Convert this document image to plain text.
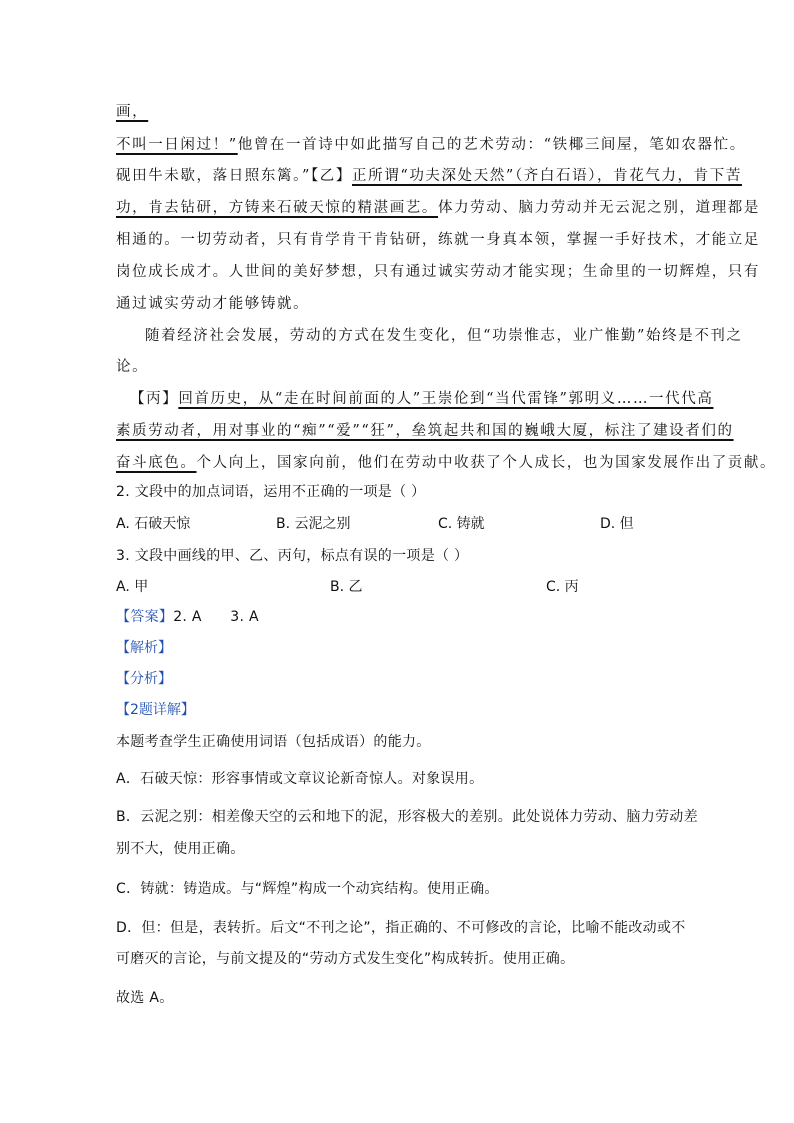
画，
不叫一日闲过！”他曾在一首诗中如此描写自己的艺术劳动：“铁椰三间屋，笔如农器忙。
砚田牛未歇，落日照东篱。”【乙】正所谓“功夫深处天然”（齐白石语），肯花气力，肯下苦
功，肯去钻研，方铸来石破天惊的精湛画艺。体力劳动、脑力劳动并无云泥之别，道理都是
相通的。一切劳动者，只有肯学肯干肯钻研，练就一身真本领，掌握一手好技术，才能立足
岗位成长成才。人世间的美好梦想，只有通过诚实劳动才能实现；生命里的一切辉煌，只有
通过诚实劳动才能够铸就。
随着经济社会发展，劳动的方式在发生变化，但“功崇惟志，业广惟勤”始终是不刊之
论。
【丙】回首历史，从“走在时间前面的人”王崇伦到“当代雷锋”郭明义……一代代高
素质劳动者，用对事业的“痴”“爱”“狂”，垒筑起共和国的巍峨大厦，标注了建设者们的
奋斗底色。个人向上，国家向前，他们在劳动中收获了个人成长，也为国家发展作出了贡献。
2. 文段中的加点词语，运用不正确的一项是（ ）
A. 石破天惊	B. 云泥之别	C. 铸就	D. 但
3. 文段中画线的甲、乙、丙句，标点有误的一项是（ ）
A. 甲	B. 乙	C. 丙
【答案】2. A      3. A
【解析】
【分析】
【2题详解】
本题考查学生正确使用词语（包括成语）的能力。
A．石破天惊：形容事情或文章议论新奇惊人。对象误用。
B．云泥之别：相差像天空的云和地下的泥，形容极大的差别。此处说体力劳动、脑力劳动差
别不大，使用正确。
C．铸就：铸造成。与“辉煌”构成一个动宾结构。使用正确。
D．但：但是，表转折。后文“不刊之论”，指正确的、不可修改的言论，比喻不能改动或不
可磨灭的言论，与前文提及的“劳动方式发生变化”构成转折。使用正确。
故选 A。
